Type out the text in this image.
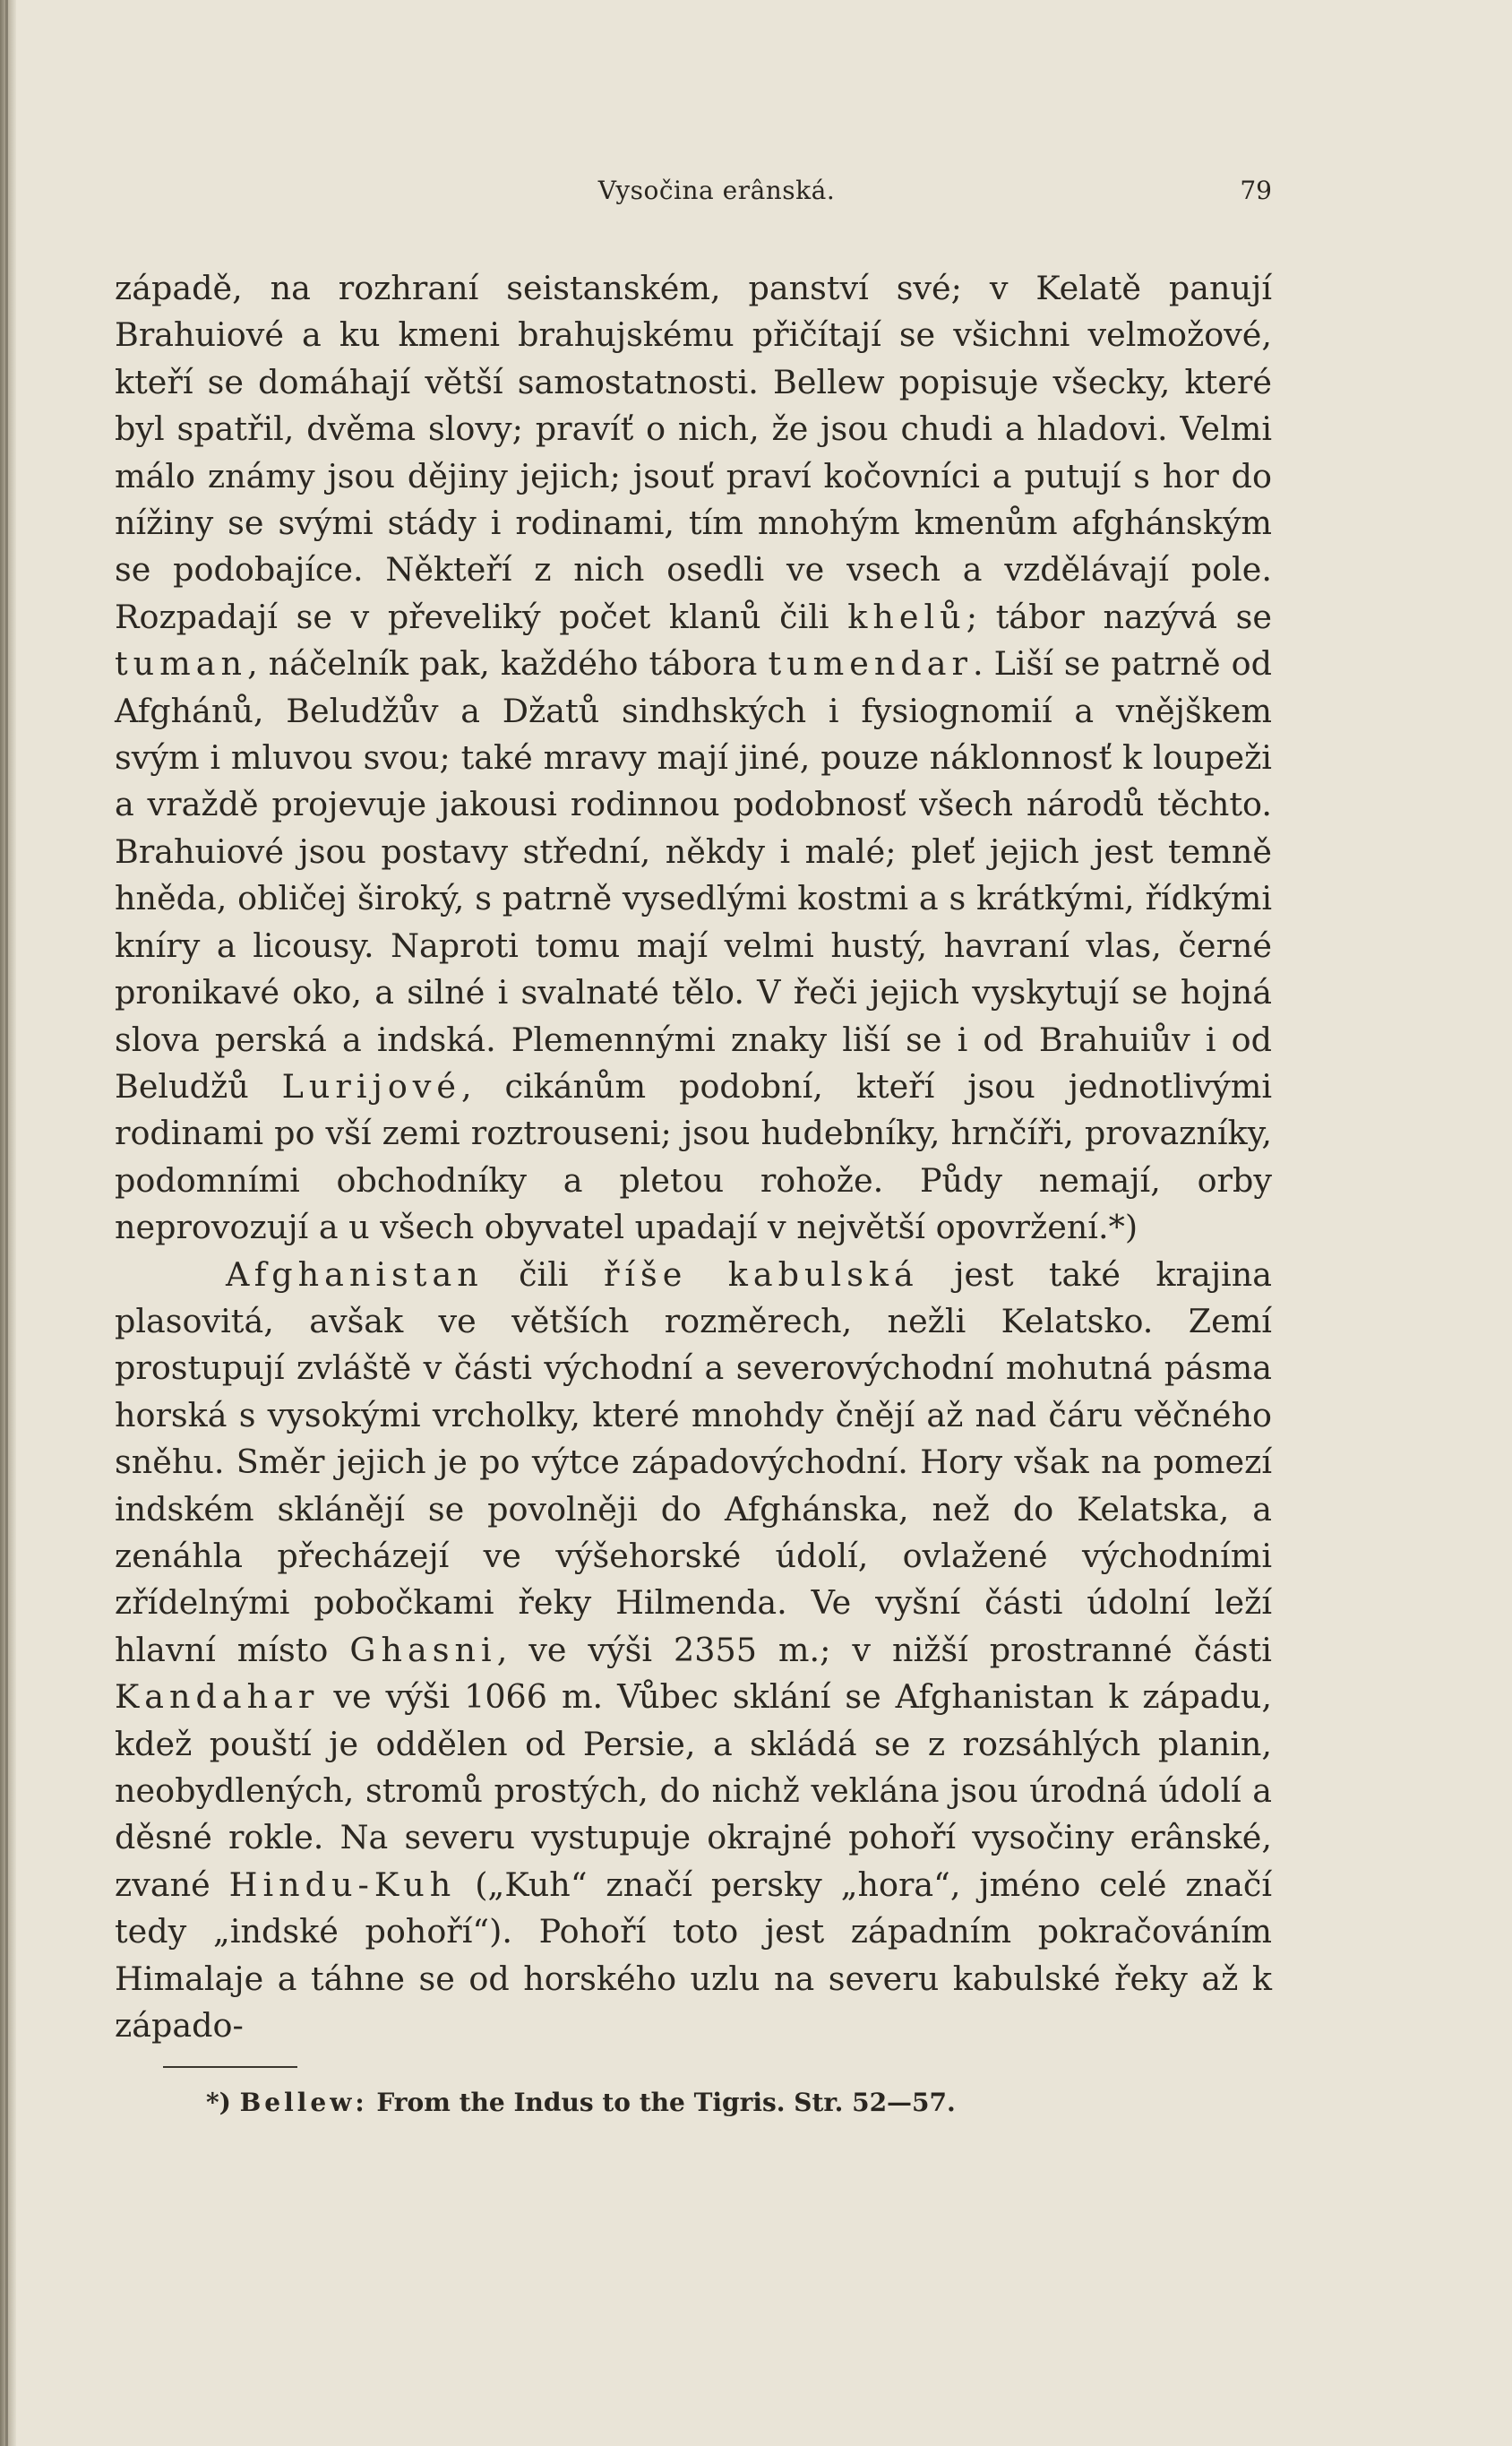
Vysočina erânská.	79

západě, na rozhraní seistanském, panství své; v Kelatě panují Brahuiové a ku kmeni brahujskému přičítají se všichni velmožové, kteří se domáhají větší samostatnosti. Bellew popisuje všecky, které byl spatřil, dvěma slovy; pravíť o nich, že jsou chudi a hladovi. Velmi málo známy jsou dějiny jejich; jsouť praví kočovníci a putují s hor do nížiny se svými stády i rodinami, tím mnohým kmenům afghánským se podobajíce. Někteří z nich osedli ve vsech a vzdělávají pole. Rozpadají se v převeliký počet klanů čili khelů; tábor nazývá se tuman, náčelník pak, každého tábora tumendar. Liší se patrně od Afghánů, Beludžův a Džatů sindhských i fysiognomií a vnějškem svým i mluvou svou; také mravy mají jiné, pouze náklonnosť k loupeži a vraždě projevuje jakousi rodinnou podobnosť všech národů těchto. Brahuiové jsou postavy střední, někdy i malé; pleť jejich jest temně hněda, obličej široký, s patrně vysedlými kostmi a s krátkými, řídkými kníry a licousy. Naproti tomu mají velmi hustý, havraní vlas, černé pronikavé oko, a silné i svalnaté tělo. V řeči jejich vyskytují se hojná slova perská a indská. Plemennými znaky liší se i od Brahuiův i od Beludžů Lurijové, cikánům podobní, kteří jsou jednotlivými rodinami po vší zemi roztrouseni; jsou hudebníky, hrnčíři, provazníky, podomními obchodníky a pletou rohože. Půdy nemají, orby neprovozují a u všech obyvatel upadají v největší opovržení.*)

Afghanistan čili říše kabulská jest také krajina plasovitá, avšak ve větších rozměrech, nežli Kelatsko. Zemí prostupují zvláště v části východní a severovýchodní mohutná pásma horská s vysokými vrcholky, které mnohdy čnějí až nad čáru věčného sněhu. Směr jejich je po výtce západovýchodní. Hory však na pomezí indském sklánějí se povolněji do Afghánska, než do Kelatska, a zenáhla přecházejí ve výšehorské údolí, ovlažené východními zřídelnými pobočkami řeky Hilmenda. Ve vyšní části údolní leží hlavní místo Ghasni, ve výši 2355 m.; v nižší prostranné části Kandahar ve výši 1066 m. Vůbec sklání se Afghanistan k západu, kdež pouští je oddělen od Persie, a skládá se z rozsáhlých planin, neobydlených, stromů prostých, do nichž veklána jsou úrodná údolí a děsné rokle. Na severu vystupuje okrajné pohoří vysočiny erânské, zvané Hindu-Kuh („Kuh“ značí persky „hora“, jméno celé značí tedy „indské pohoří“). Pohoří toto jest západním pokračováním Himalaje a táhne se od horského uzlu na severu kabulské řeky až k západo-

*) Bellew: From the Indus to the Tigris. Str. 52—57.
